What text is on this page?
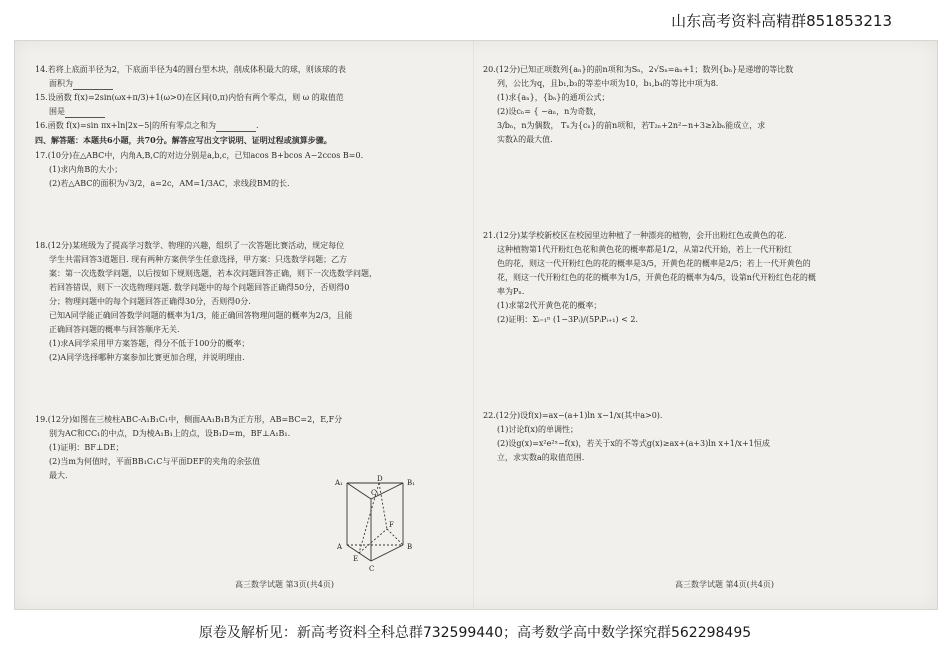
山东高考资料高精群851853213

14.若将上底面半径为2，下底面半径为4的圆台型木块，削成体积最大的球，则该球的表

面积为

15.设函数 f(x)=2sin(ωx+π/3)+1(ω>0)在区间(0,π)内恰有两个零点，则 ω 的取值范

围是

16.函数 f(x)=sin πx+ln|2x−5|的所有零点之和为	.

四、解答题：本题共6小题，共70分。解答应写出文字说明、证明过程或演算步骤。

17.(10分)在△ABC中，内角A,B,C的对边分别是a,b,c，已知acos B+bcos A−2ccos B=0.

(1)求内角B的大小；

(2)若△ABC的面积为√3/2，a=2c，AM=1/3AC，求线段BM的长.

18.(12分)某班级为了提高学习数学、物理的兴趣，组织了一次答题比赛活动，规定每位

学生共需回答3道题目. 现有两种方案供学生任意选择，甲方案：只选数学问题；乙方

案：第一次选数学问题，以后按如下规则选题，若本次问题回答正确，则下一次选数学问题，

若回答错误，则下一次选物理问题. 数学问题中的每个问题回答正确得50分，否则得0

分；物理问题中的每个问题回答正确得30分，否则得0分.

已知A同学能正确回答数学问题的概率为1/3，能正确回答物理问题的概率为2/3，且能

正确回答问题的概率与回答顺序无关.

(1)求A同学采用甲方案答题，得分不低于100分的概率；

(2)A同学选择哪种方案参加比赛更加合理，并说明理由.

19.(12分)如图在三棱柱ABC-A₁B₁C₁中，侧面AA₁B₁B为正方形，AB=BC=2，E,F分

别为AC和CC₁的中点，D为棱A₁B₁上的点，设B₁D=m，BF⊥A₁B₁.

(1)证明：BF⊥DE；

(2)当m为何值时，平面BB₁C₁C与平面DEF的夹角的余弦值

最大.

A₁	B₁
C₁
D
F
A	B
C
E
高三数学试题 第3页(共4页)

20.(12分)已知正项数列{aₙ}的前n项和为Sₙ，2√Sₙ=aₙ+1；数列{bₙ}是递增的等比数

列，公比为q，且b₁,b₃的等差中项为10，b₁,b₄的等比中项为8.

(1)求{aₙ}，{bₙ}的通项公式；

(2)设cₙ= { −aₙ，n为奇数，

3/bₙ，n为偶数， Tₙ为{cₙ}的前n项和，若T₂ₙ+2n²−n+3≥λbₙ能成立，求

实数λ的最大值.

21.(12分)某学校新校区在校园里边种植了一种漂亮的植物，会开出粉红色或黄色的花.

这种植物第1代开粉红色花和黄色花的概率都是1/2，从第2代开始，若上一代开粉红

色的花，则这一代开粉红色的花的概率是3/5，开黄色花的概率是2/5；若上一代开黄色的

花，则这一代开粉红色的花的概率为1/5，开黄色花的概率为4/5，设第n代开粉红色花的概

率为Pₙ.

(1)求第2代开黄色花的概率；

(2)证明：Σᵢ₌₁ⁿ (1−3Pᵢ)/(5PᵢPᵢ₊₁) < 2.

22.(12分)设f(x)=ax−(a+1)ln x−1/x(其中a>0).

(1)讨论f(x)的单调性；

(2)设g(x)=x²e²ˣ−f(x)，若关于x的不等式g(x)≥ax+(a+3)ln x+1/x+1恒成

立，求实数a的取值范围.

高三数学试题 第4页(共4页)
原卷及解析见：新高考资料全科总群732599440；高考数学高中数学探究群562298495
